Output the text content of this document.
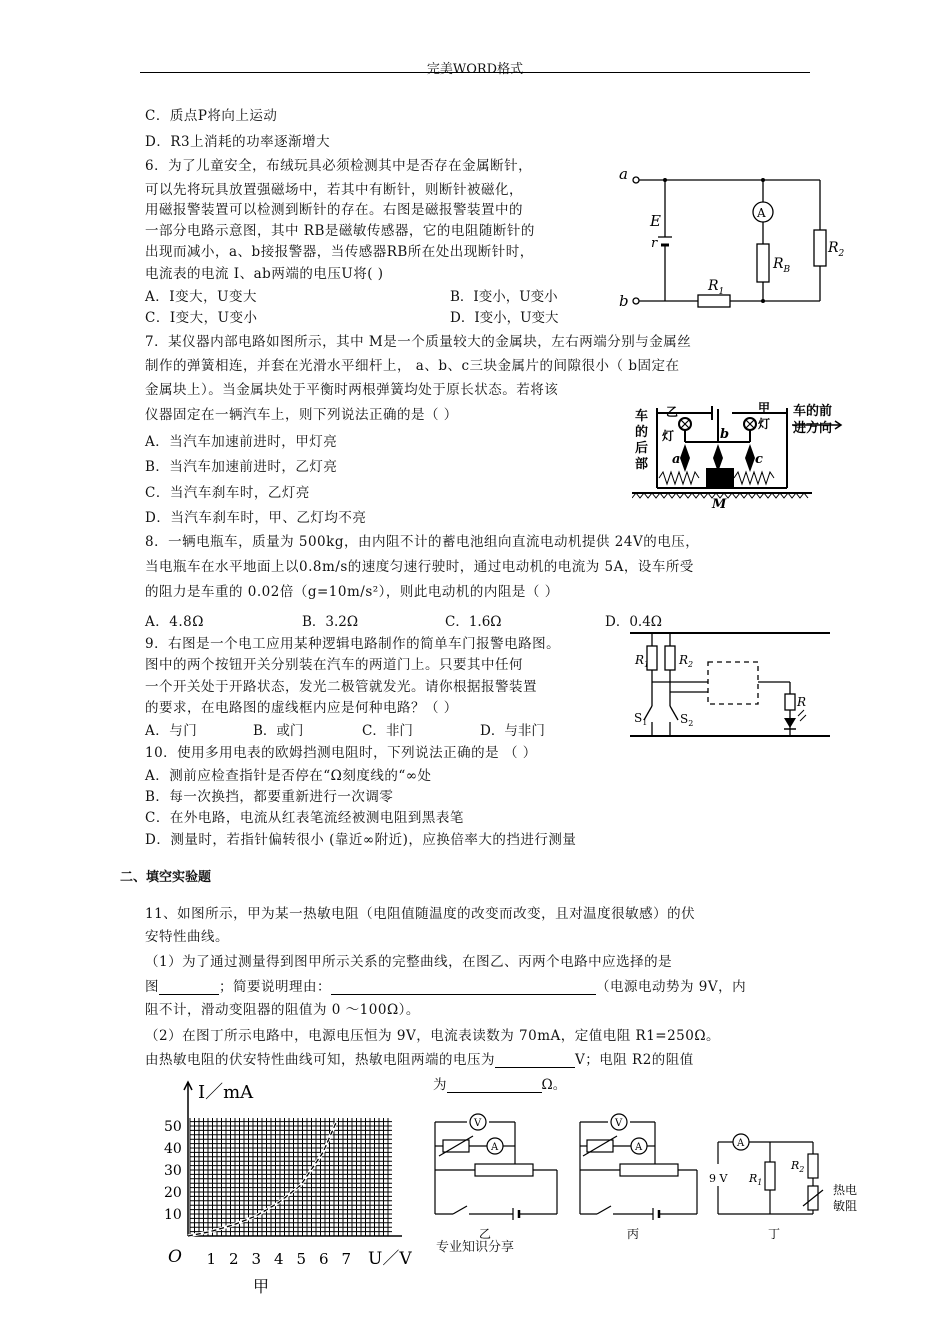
完美WORD格式
C．质点P将向上运动
D．R3上消耗的功率逐渐增大
6．为了儿童安全，布绒玩具必须检测其中是否存在金属断针，
可以先将玩具放置强磁场中，若其中有断针，则断针被磁化，
用磁报警装置可以检测到断针的存在。右图是磁报警装置中的
一部分电路示意图，其中 RB是磁敏传感器，它的电阻随断针的
出现而减小，a、b接报警器，当传感器RB所在处出现断针时，
电流表的电流 I、ab两端的电压U将( )
A．I变大，U变大	B．I变小，U变小
C．I变大，U变小	D．I变小，U变大
a
b
E
r
A
$R_B$
$R_1$
$R_2$
7．某仪器内部电路如图所示，其中 M是一个质量较大的金属块，左右两端分别与金属丝
制作的弹簧相连，并套在光滑水平细杆上， a、b、c三块金属片的间隙很小（ b固定在
金属块上）。当金属块处于平衡时两根弹簧均处于原长状态。若将该
仪器固定在一辆汽车上，则下列说法正确的是（ ）
A．当汽车加速前进时，甲灯亮
B．当汽车加速前进时，乙灯亮
C．当汽车刹车时，乙灯亮
D．当汽车刹车时，甲、乙灯均不亮
车的后部
车的前进方向
乙灯
甲灯
a
b
c
M
8．一辆电瓶车，质量为 500kg，由内阻不计的蓄电池组向直流电动机提供 24V的电压，
当电瓶车在水平地面上以0.8m/s的速度匀速行驶时，通过电动机的电流为 5A，设车所受
的阻力是车重的 0.02倍（g=10m/s²），则此电动机的内阻是（ ）
A．4.8Ω	B．3.2Ω	C．1.6Ω	D．0.4Ω
9．右图是一个电工应用某种逻辑电路制作的简单车门报警电路图。
图中的两个按钮开关分别装在汽车的两道门上。只要其中任何
一个开关处于开路状态，发光二极管就发光。请你根据报警装置
的要求，在电路图的虚线框内应是何种电路？（ ）
A．与门	B．或门	C．非门	D．与非门
$R_1$ $R_2$
R
$S_1$	$S_2$
10．使用多用电表的欧姆挡测电阻时，下列说法正确的是 （ ）
A．测前应检查指针是否停在“Ω刻度线的“∞处
B．每一次换挡，都要重新进行一次调零
C．在外电路，电流从红表笔流经被测电阻到黑表笔
D．测量时，若指针偏转很小 (靠近∞附近)，应换倍率大的挡进行测量
二、填空实验题
11、如图所示，甲为某一热敏电阻（电阻值随温度的改变而改变，且对温度很敏感）的伏
安特性曲线。
（1）为了通过测量得到图甲所示关系的完整曲线，在图乙、丙两个电路中应选择的是
图	；简要说明理由：	（电源电动势为 9V，内
阻不计，滑动变阻器的阻值为 0 ～100Ω）。
（2）在图丁所示电路中，电源电压恒为 9V，电流表读数为 70mA，定值电阻 R1=250Ω。
由热敏电阻的伏安特性曲线可知，热敏电阻两端的电压为	V；电阻 R2的阻值
为	Ω。
1 2 3 4 5 6 7
10
20
30
40
50
I／mA
O	U／V
甲
V
A
V
A	A
9 V $R_1$
$R_2$
热电敏阻
乙	丙	丁
专业知识分享
